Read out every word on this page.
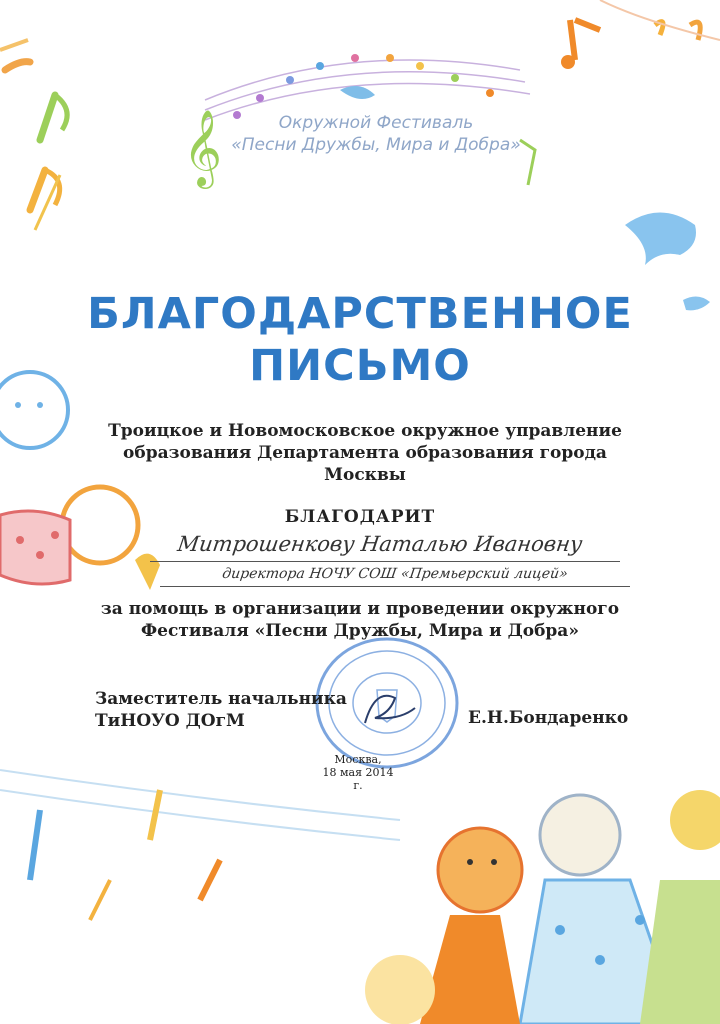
𝄞	Окружной Фестиваль
«Песни Дружбы, Мира и Добра»
БЛАГОДАРСТВЕННОЕ
ПИСЬМО
Троицкое и Новомосковское окружное управление
образования Департамента образования города
Москвы
БЛАГОДАРИТ
Митрошенкову Наталью Ивановну
директора НОЧУ СОШ «Премьерский лицей»
за помощь в организации и проведении окружного
Фестиваля «Песни Дружбы, Мира и Добра»
Заместитель начальника
ТиНОУО ДОгМ	Е.Н.Бондаренко
Москва,
18 мая 2014 г.
